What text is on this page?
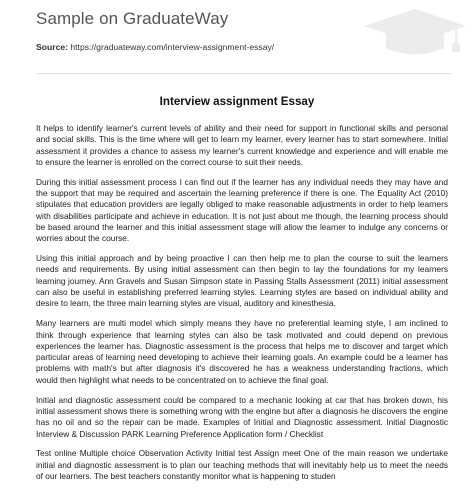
Sample on GraduateWay
Source: https://graduateway.com/interview-assignment-essay/
Interview assignment Essay

It helps to identify learner's current levels of ability and their need for support in functional skills and personal and social skills. This is the time where will get to learn my learner, every learner has to start somewhere. Initial assessment it provides a chance to assess my learner's current knowledge and experience and will enable me to ensure the learner is enrolled on the correct course to suit their needs.

During this initial assessment process I can find out if the learner has any individual needs they may have and the support that may be required and ascertain the learning preference if there is one. The Equality Act (2010) stipulates that education providers are legally obliged to make reasonable adjustments in order to help learners with disabilities participate and achieve in education. It is not just about me though, the learning process should be based around the learner and this initial assessment stage will allow the learner to indulge any concerns or worries about the course.

Using this initial approach and by being proactive I can then help me to plan the course to suit the learners needs and requirements. By using initial assessment can then begin to lay the foundations for my learners learning journey. Ann Gravels and Susan Simpson state in Passing Stalls Assessment (2011) initial assessment can also be useful in establishing preferred learning styles. Learning styles are based on individual ability and desire to learn, the three main learning styles are visual, auditory and kinesthesia.

Many learners are multi model which simply means they have no preferential learning style, I am inclined to think through experience that learning styles can also be task motivated and could depend on previous experiences the learner has. Diagnostic assessment is the process that helps me to discover and target which particular areas of learning need developing to achieve their learning goals. An example could be a learner has problems with math's but after diagnosis it's discovered he has a weakness understanding fractions, which would then highlight what needs to be concentrated on to achieve the final goal.

Initial and diagnostic assessment could be compared to a mechanic looking at car that has broken down, his initial assessment shows there is something wrong with the engine but after a diagnosis he discovers the engine has no oil and so the repair can be made. Examples of Initial and Diagnostic assessment. Initial Diagnostic Interview & Discussion PARK Learning Preference Application form / Checklist

Test online Multiple choice Observation Activity Initial test Assign meet One of the main reason we undertake initial and diagnostic assessment is to plan our teaching methods that will inevitably help us to meet the needs of our learners. The best teachers constantly monitor what is happening to studen
